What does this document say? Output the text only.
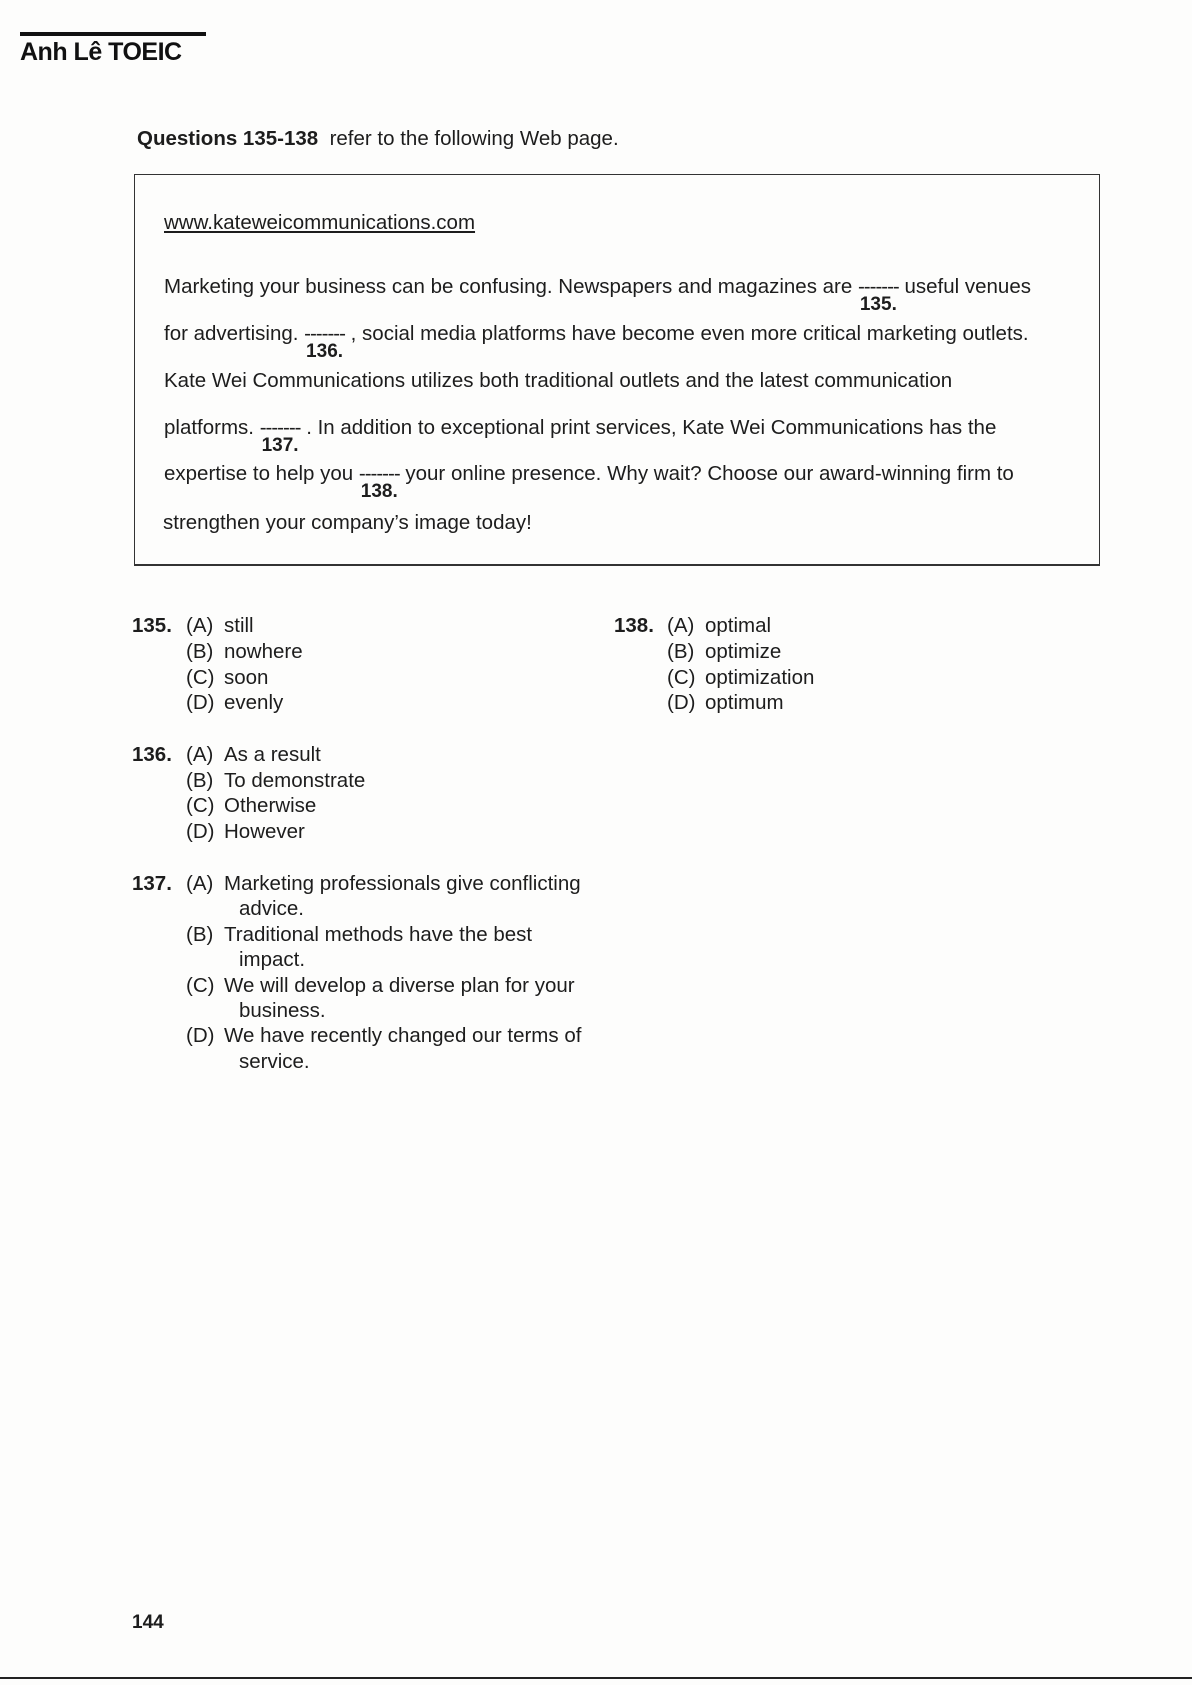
Anh Lê TOEIC
Questions 135-138 refer to the following Web page.
www.kateweicommunications.com
Marketing your business can be confusing. Newspapers and magazines are -------
135.
useful venues
for advertising. -------
136.
, social media platforms have become even more critical marketing outlets.
Kate Wei Communications utilizes both traditional outlets and the latest communication
platforms. -------
137.
. In addition to exceptional print services, Kate Wei Communications has the
expertise to help you -------
138.
your online presence. Why wait? Choose our award-winning firm to
strengthen your company’s image today!
135. (A) still
(B) nowhere
(C) soon
(D) evenly
136. (A) As a result
(B) To demonstrate
(C) Otherwise
(D) However
137. (A) Marketing professionals give conflicting
advice.
(B) Traditional methods have the best
impact.
(C) We will develop a diverse plan for your
business.
(D) We have recently changed our terms of
service.
138. (A) optimal
(B) optimize
(C) optimization
(D) optimum
144
